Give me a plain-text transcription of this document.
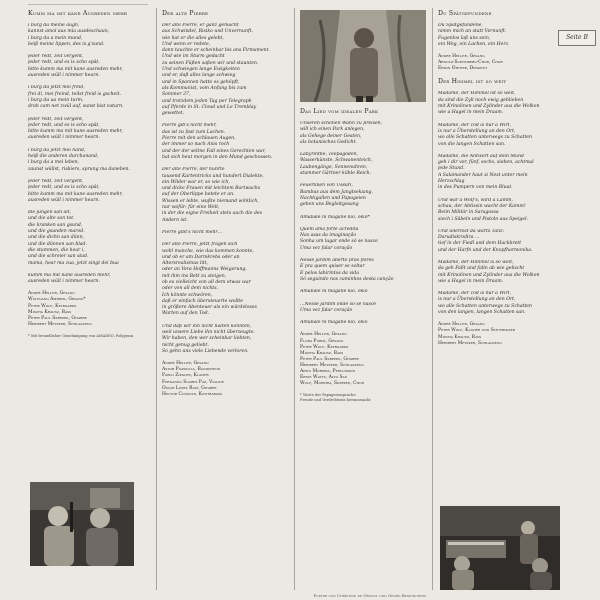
Kumm ma mit kane Ausreden mehr
i burg da meine augn,
kannst amol aus mia ausdeschaun,
i burg da a mein mund,
beiß meine lippen, des is g'sund.
jeder redt, zeit vergeht,
jeder redt, und es is scho spät,
bitte kumm ma mit kane ausreden mehr,
ausreden wüll i nimmer hearn.
i burg da jetzt mei freid,
frei di, mei freind, teilst freid is gscheit.
i burg da ua mein turm,
drah cam net zwül auf, sunst bist vaturn.
jeder redt, zeit vergeht,
jeder redt, und es is scho spät,
bitte kumm ma mit kane ausreden mehr,
ausreden wüll i nimmer hearn.
i burg da jetzt mei hand,
heiß die anderen durchanand,
i burg da a mei leben,
zaunst wüllst, riskiers, sprung ma daneben.
jeder redt, zeit vergeht,
jeder redt, und es is scho spät,
bitte kumm ma mit kane ausreden mehr,
ausreden wüll i nimmer hearn.
die jungen san alt,
und die alte san tot.
die kranken san gsund,
und die gsunden marod.
und die dichn san dünn,
und die dünnen san blad.
die stummen, die hear i,
und die schreier san stad.
mama, hear ma zua, jetzt singt dei bua
kumm ma mit kane ausreden mehr,
ausreden wüll i nimmer hearn.
André Heller, Gesang
Wolfgang Ambros, Gesang*
Peter Wolf, Keyboards
Mischa Krausz, Baß
Peter Paul Skrepek, Gitarre
Heribert Metzker, Schlagzeug
* Mit freundlicher Genehmigung von AMADEO, Polygram
Der alte Pierre
Der alte Pierre, er ganz gemacht
aus Schwindel, Risiko und Unvernunft.
wie hat er die alles gelebt,
Und wenn er redete,
dann tauchte er scheinbar bis ans Firmament.
Und wie im Sturm gedacht
zu seinen Füßen saßen wir und staunten.
Und schwiegen lange Ewigkeiten
und er, daß alles lange schwieg
und in Spannen hatte es gehöpft,
als Kommunist, vom Anfang bis zum
Sommer 37,
und trotzdem jeden Tag per Telegraph
auf Pferde in St. Cloud und Le Tremblay
gewettet.
Pierre gib's nicht mehr,
das ist zu fast zum Lachen.
Pierre mit den schlauen Augen,
der immer so nach Anis roch
und der der seltne Fall eines Gerechten war,
hat sich heut morgen in den Mund geschossen.
Der alte Pierre, der hunrte
tausend Kartentricks und hundert Dialekte,
ein Wilder war er, so wie ich,
und dicke Frauen mit leichtem Bartwuchs
auf der Oberlippe betete er an.
Wissen er lebte, wußte niemand wirklich,
nur wofür: für eine Welt,
in der die eigne Freiheit stets auch die des
Andern ist.
Pierre gibt's nicht mehr…
Der alte Pierre, jetzt fragen sich
wohl manche, wie das kommen konnte,
und ob er am Darmkrebs oder an
Altersrealismus litt,
oder an Vera Hoffmanns Weigerung,
mit ihm ins Bett zu steigen,
ob es vielleicht von all dem etwas war
oder von all dem nichts.
Ich könnte schwören,
daß er einfach übersteuerte wollte
in größere Abenteuer als ein würdeloses
Warten auf den Tod.
Und daß wir ihn nicht halten konnten,
weil unsere Liebe ihn nicht überzeugte.
Wir haben, den wer scheinbar liebten,
nicht genug geliebt.
So gehn uns viele Liebende verloren.
André Heller, Gesang
Astor Piazzolla, Bandoneon
Pablo Ziegler, Klavier
Fernando Suarez Paz, Violine
Oscar López Ruiz, Gitarre
Hector Console, Kontrabaß
Das Lied vom idealen Park
Unseren schönen Wahn zu preisen,
will ich einen Park anlegen,
als Gehege deiner Gesten,
als botanisches Gedicht.
Labyrinthe, Teepagoden,
Wasserkünste, Schwanenteich,
Laubengänge, Sonnenuhren,
stummer Gärtner kühle Reich.
Feuerlilien von Ussuri,
Bambus aus dem Jangtsekiang,
Nachtigallen und Papageien
geben uns Begleitgesang
Amubale ni magane kio, okio*
Quem ama forte acredita
Nas asas da imaginação
Sonha um lugar onde só se nasce
Uma vez falar coração
Nesse jardim aberto pras flores
E pra quem quiser se soltar
E pelos labirintos da vida
Só seguindo nos caminhos desta canção
Amubale ni magane kio, okio
…Nesse jardim onde só se nasce
Uma vez falar coração
Amubale ni magane kio, okio
André Heller, Gesang
Flora Purim, Gesang
Peter Wolf, Keyboards
Mischa Krausz, Baß
Peter Paul Skrepek, Gitarre
Heribert Metzker, Schlagzeug
Airto Moreira, Percussion
Ernie Watts, Alto Sax
Wolf, Moreira, Skrepek, Chor
* Worte der Papageiensprache
Freude und Verdrehtsein herausmacht
Du Spätgefundene
Du Spätgefundene,
nimm mich an statt Vernunft.
Fugenlos laß uns sein,
ein Weg, ein Lachen, ein Herz.
André Heller, Gesang
Arnold-Schönberg-Chor, Chor
Erwin Ortner, Dirigent
Der Himmel ist so weit
Madame, der Himmel ist so weit,
da sind die Zyll noch ewig geblieben
mit Krinolinen und Zylinder aus die Wolken
wie a Hagel in mein Draam.
Madame, der Tod is nur a Wirt,
is nur a Überstellung an den Ort,
wo alle Schatten unterwegs zu Schatten
von die langen Schatten san.
Madame, die Antwort auf dein Mund
geh i dir vor, fünf, sechs, sieben, achtmal
jede Stund.
A Salamander haut si Nest unter mein
Herzschlag
in des Pumpern von mein Bluat.
Und war a Wolf's, wird a Lamm,
schau, der Abtissin wacht der Kamm!
Beim Militär in Saragossa
siech i Säbeln und Pistoln aus Speigel.
Und unerlöst da warts Tanz:
Darudiskrodira …
tief in der Fiedl und dem Hackbrett
und der Harfn und der Knopfharmonika.
Madame, der Himmel is so weit,
da geh Fallt und falln ab wie gelischt
mit Krinolinen und Zylinder aus die Wolken
wie a Hagel in mein Draam.
Madame, der Tod is nur a Wirt,
is nur a Überstellung an den Ort,
wo alle Schatten unterwegs zu Schatten
von den langen, langen Schatten san.
André Heller, Gesang
Peter Wolf, Klavier und Synthesizer
Mischa Krausz, Baß
Heribert Metzker, Schlagzeug
Seite B
Poster von Christine de Grancy und Georg Resetschnig
